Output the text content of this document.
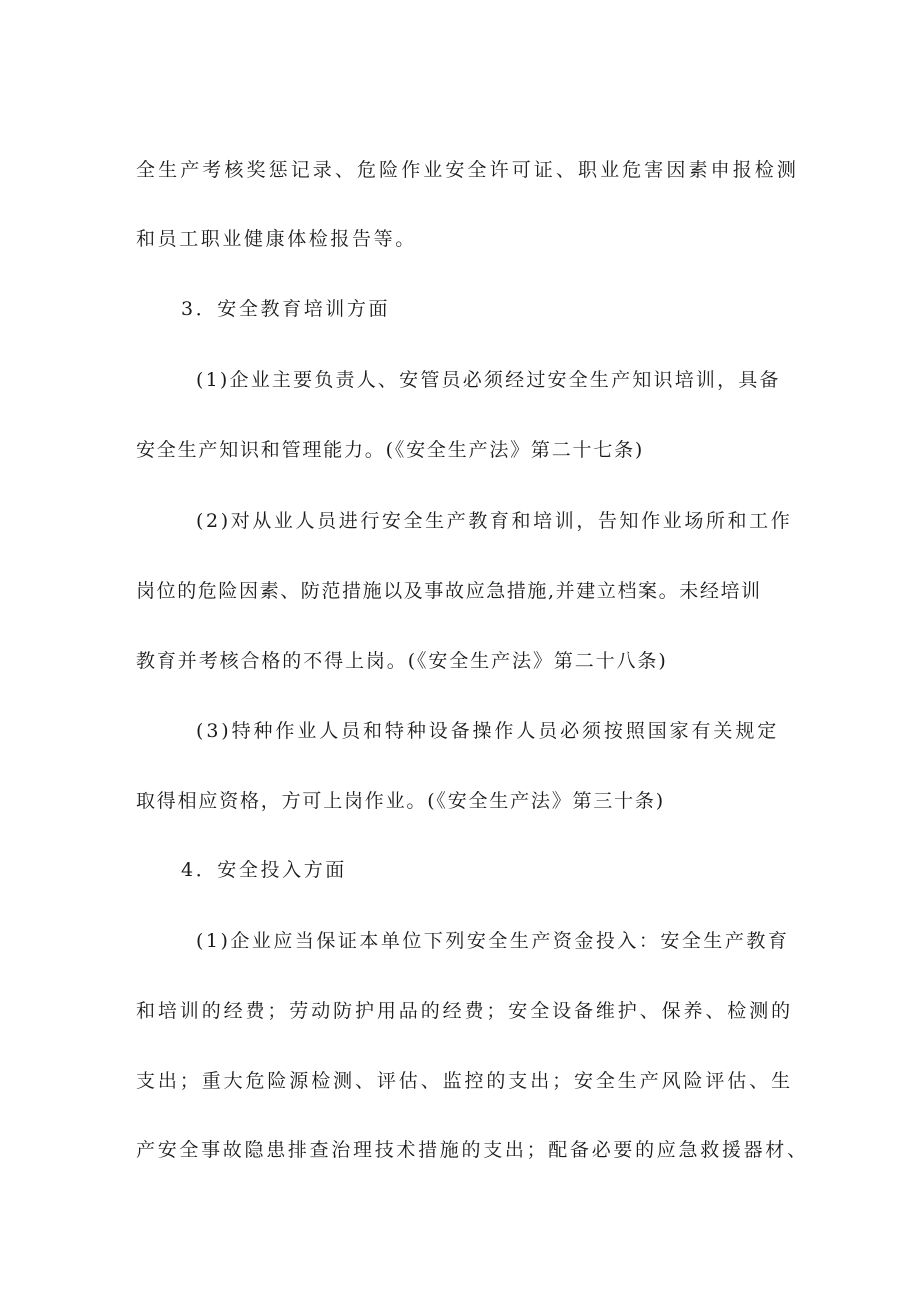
全生产考核奖惩记录、危险作业安全许可证、职业危害因素申报检测
和员工职业健康体检报告等。
3．安全教育培训方面
(1)企业主要负责人、安管员必须经过安全生产知识培训，具备
安全生产知识和管理能力。(《安全生产法》第二十七条)
(2)对从业人员进行安全生产教育和培训，告知作业场所和工作
岗位的危险因素、防范措施以及事故应急措施,并建立档案。未经培训
教育并考核合格的不得上岗。(《安全生产法》第二十八条)
(3)特种作业人员和特种设备操作人员必须按照国家有关规定
取得相应资格，方可上岗作业。(《安全生产法》第三十条)
4．安全投入方面
(1)企业应当保证本单位下列安全生产资金投入：安全生产教育
和培训的经费；劳动防护用品的经费；安全设备维护、保养、检测的
支出；重大危险源检测、评估、监控的支出；安全生产风险评估、生
产安全事故隐患排查治理技术措施的支出；配备必要的应急救援器材、
